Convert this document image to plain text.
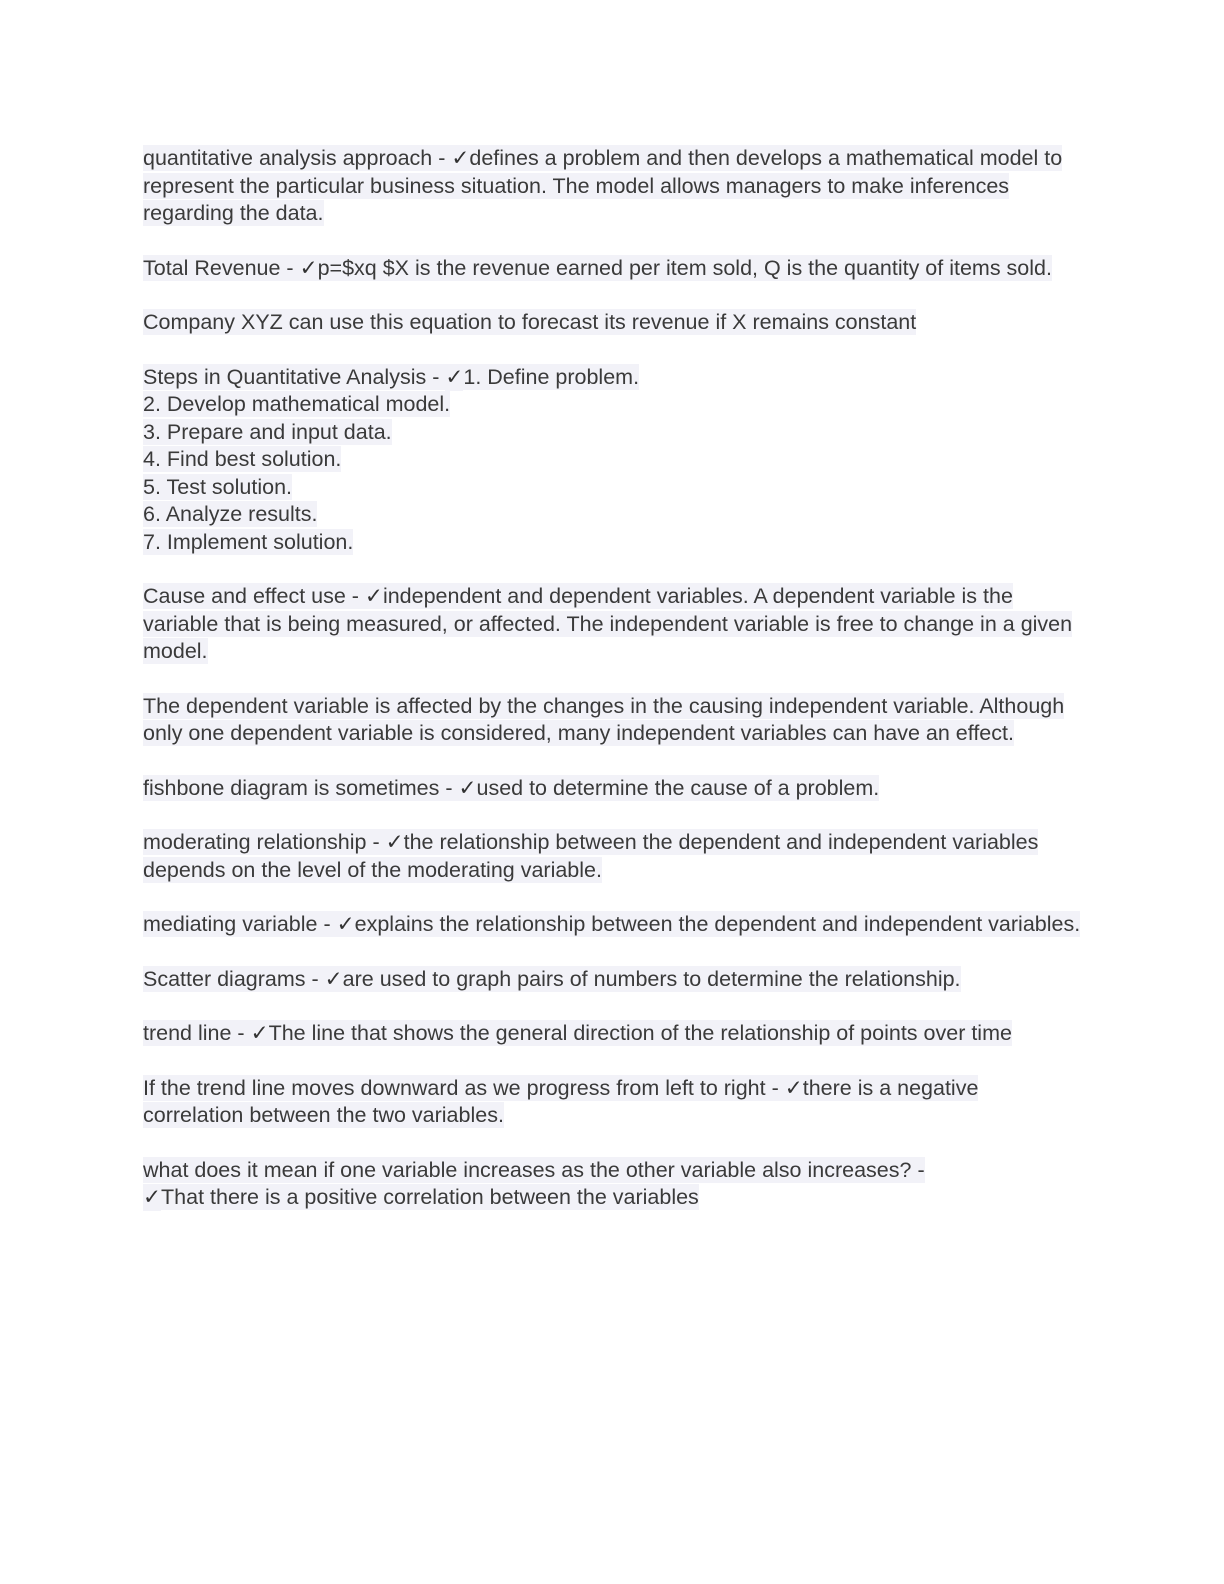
quantitative analysis approach - ✓defines a problem and then develops a mathematical model to represent the particular business situation. The model allows managers to make inferences regarding the data.

Total Revenue - ✓p=$xq $X is the revenue earned per item sold, Q is the quantity of items sold.

Company XYZ can use this equation to forecast its revenue if X remains constant

Steps in Quantitative Analysis - ✓1. Define problem.
2. Develop mathematical model.
3. Prepare and input data.
4. Find best solution.
5. Test solution.
6. Analyze results.
7. Implement solution.

Cause and effect use - ✓independent and dependent variables. A dependent variable is the variable that is being measured, or affected. The independent variable is free to change in a given model.

The dependent variable is affected by the changes in the causing independent variable. Although only one dependent variable is considered, many independent variables can have an effect.

fishbone diagram is sometimes - ✓used to determine the cause of a problem.

moderating relationship - ✓the relationship between the dependent and independent variables depends on the level of the moderating variable.

mediating variable - ✓explains the relationship between the dependent and independent variables.

Scatter diagrams - ✓are used to graph pairs of numbers to determine the relationship.

trend line - ✓The line that shows the general direction of the relationship of points over time

If the trend line moves downward as we progress from left to right - ✓there is a negative correlation between the two variables.

what does it mean if one variable increases as the other variable also increases? -
✓That there is a positive correlation between the variables
